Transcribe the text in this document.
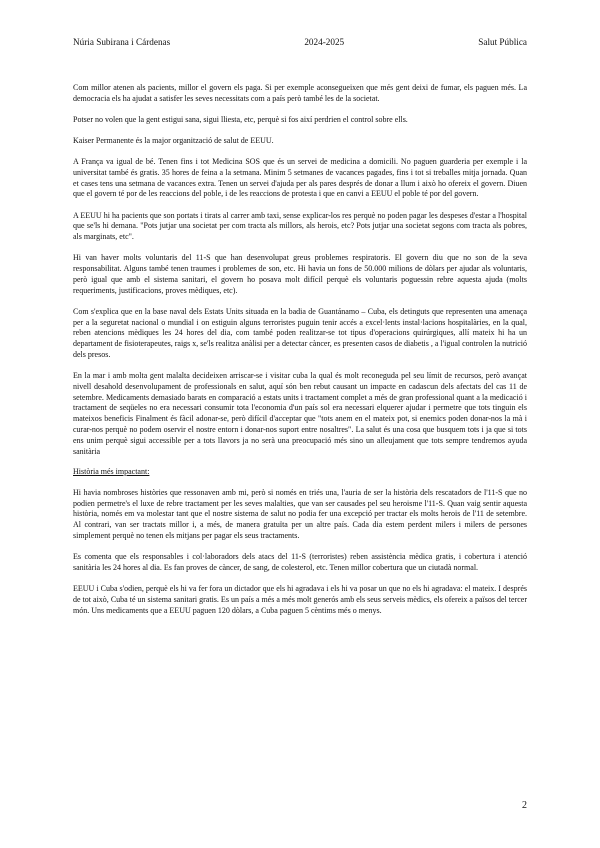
Núria Subirana i Cárdenas	2024-2025	Salut Pública

Com millor atenen als pacients, millor el govern els paga. Si per exemple aconsegueixen que més gent deixi de fumar, els paguen més. La democracia els ha ajudat a satisfer les seves necessitats com a país però també les de la societat.

Potser no volen que la gent estigui sana, sigui lliesta, etc, perquè si fos així perdrien el control sobre ells.

Kaiser Permanente és la major organització de salut de EEUU.

A França va igual de bé. Tenen fins i tot Medicina SOS que és un servei de medicina a domicili. No paguen guarderia per exemple i la universitat també és gratis. 35 hores de feina a la setmana. Minim 5 setmanes de vacances pagades, fins i tot si treballes mitja jornada. Quan et cases tens una setmana de vacances extra. Tenen un servei d'ajuda per als pares després de donar a llum i això ho ofereix el govern. Diuen que el govern té por de les reaccions del poble, i de les reaccions de protesta i que en canvi a EEUU el poble té por del govern.

A EEUU hi ha pacients que son portats i tirats al carrer amb taxi, sense explicar-los res perquè no poden pagar les despeses d'estar a l'hospital que se'ls hi demana. "Pots jutjar una societat per com tracta als millors, als herois, etc? Pots jutjar una societat segons com tracta als pobres, als marginats, etc".

Hi van haver molts voluntaris del 11-S que han desenvolupat greus problemes respiratoris. El govern diu que no son de la seva responsabilitat. Alguns també tenen traumes i problemes de son, etc. Hi havia un fons de 50.000 milions de dòlars per ajudar als voluntaris, però igual que amb el sistema sanitari, el govern ho posava molt difícil perquè els voluntaris poguessin rebre aquesta ajuda (molts requeriments, justificacions, proves mèdiques, etc).

Com s'explica que en la base naval dels Estats Units situada en la badia de Guantánamo – Cuba, els detinguts que representen una amenaça per a la seguretat nacional o mundial i on estiguin alguns terroristes puguin tenir accés a excel·lents instal·lacions hospitalàries, en la qual, reben atencions mèdiques les 24 hores del dia, com també poden realitzar-se tot tipus d'operacions quirúrgiques, allí mateix hi ha un departament de fisioterapeutes, raigs x, se'ls realitza anàlisi per a detectar càncer, es presenten casos de diabetis , a l'igual controlen la nutrició dels presos.

En la mar i amb molta gent malalta decideixen arriscar-se i visitar cuba la qual és molt reconeguda pel seu límit de recursos, però avançat nivell desahold desenvolupament de professionals en salut, aquí són ben rebut causant un impacte en cadascun dels afectats del cas 11 de setembre. Medicaments demasiado barats en comparació a estats units i tractament complet a més de gran professional quant a la medicació i tractament de seqüeles no era necessari consumir tota l'economia d'un país sol era necessari elquerer ajudar i permetre que tots tinguin els mateixos beneficis Finalment és fàcil adonar-se, però difícil d'acceptar que "tots anem en el mateix pot, si enemics poden donar-nos la mà i curar-nos perquè no podem oservir el nostre entorn i donar-nos suport entre nosaltres". La salut és una cosa que busquem tots i ja que si tots ens unim perquè sigui accessible per a tots llavors ja no serà una preocupació més sino un alleujament que tots sempre tendremos ayuda sanitària

Història més impactant:

Hi havia nombroses històries que ressonaven amb mi, però si només en triés una, l'auria de ser la història dels rescatadors de l'11-S que no podien permetre's el luxe de rebre tractament per les seves malalties, que van ser causades pel seu heroisme l'11-S. Quan vaig sentir aquesta història, només em va molestar tant que el nostre sistema de salut no podia fer una excepció per tractar els molts herois de l'11 de setembre. Al contrari, van ser tractats millor i, a més, de manera gratuïta per un altre país. Cada dia estem perdent milers i milers de persones simplement perquè no tenen els mitjans per pagar els seus tractaments.

Es comenta que els responsables i col·laboradors dels atacs del 11-S (terroristes) reben assistència mèdica gratis, i cobertura i atenció sanitària les 24 hores al dia. Es fan proves de càncer, de sang, de colesterol, etc. Tenen millor cobertura que un ciutadà normal.

EEUU i Cuba s'odien, perquè els hi va fer fora un dictador que els hi agradava i els hi va posar un que no els hi agradava: el mateix. I després de tot això, Cuba té un sistema sanitari gratis. Es un país a més a més molt generós amb els seus serveis mèdics, els ofereix a països del tercer món. Uns medicaments que a EEUU paguen 120 dòlars, a Cuba paguen 5 cèntims més o menys.

2
